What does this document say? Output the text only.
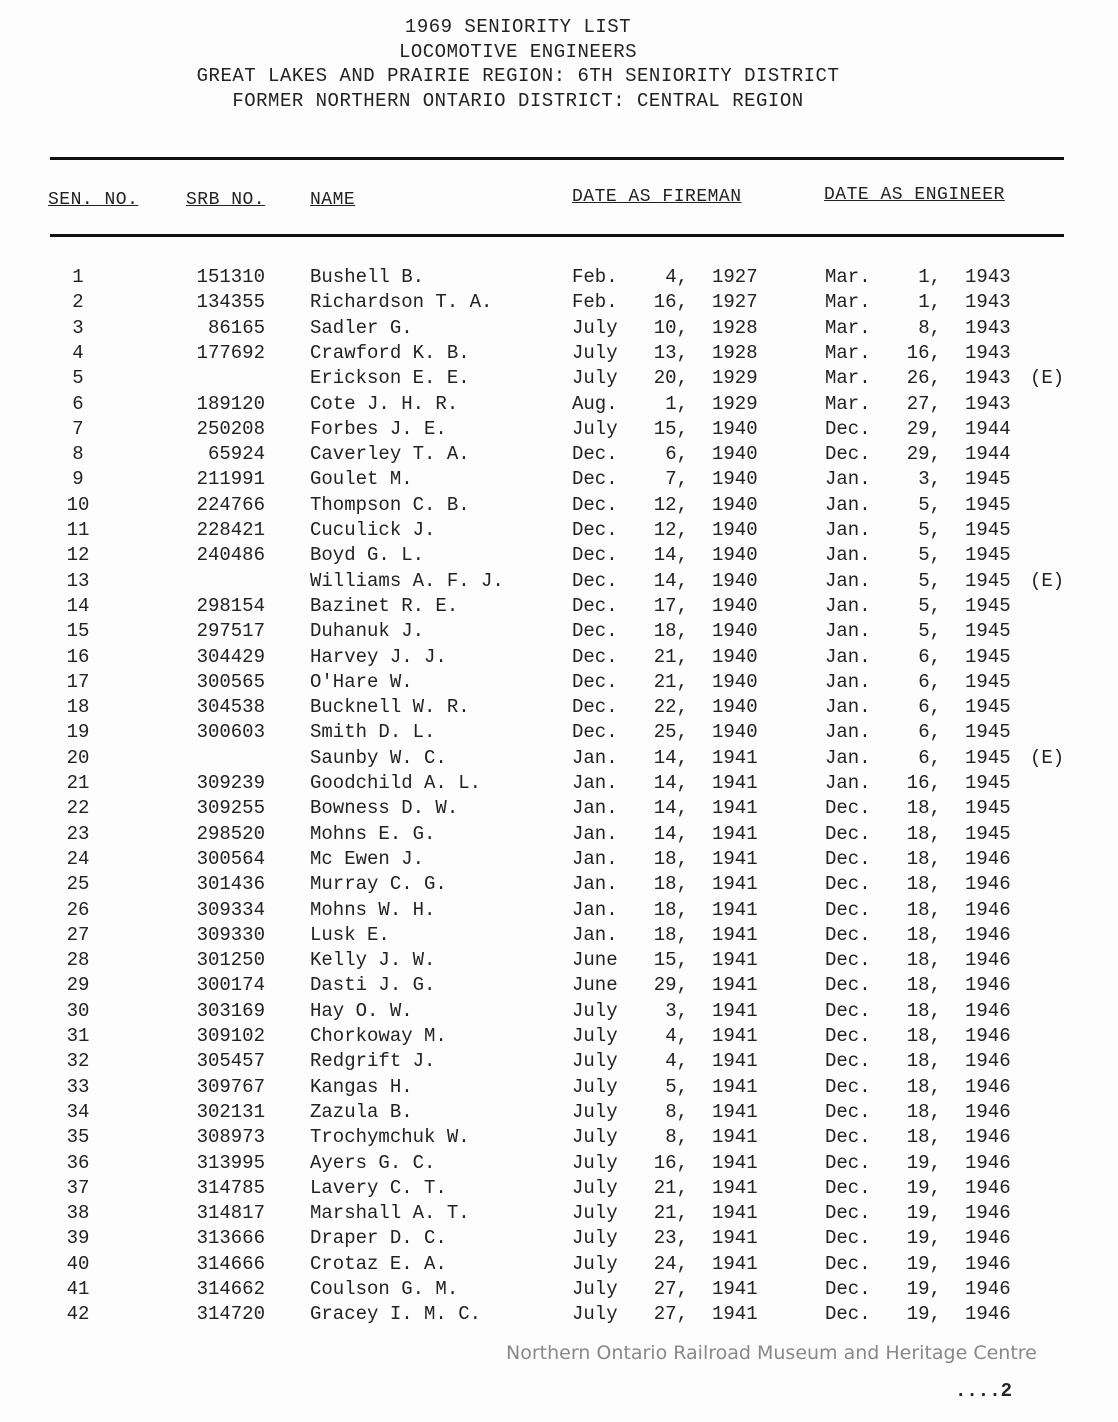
1969 SENIORITY LIST
LOCOMOTIVE ENGINEERS
GREAT LAKES AND PRAIRIE REGION: 6TH SENIORITY DISTRICT
FORMER NORTHERN ONTARIO DISTRICT: CENTRAL REGION
SEN. NO.	SRB NO. NAME	DATE AS FIREMAN	DATE AS ENGINEER
1	151310 Bushell B.	Feb.	4, 1927	Mar.	1, 1943
2	134355 Richardson T. A.	Feb.	16, 1927	Mar.	1, 1943
3	86165 Sadler G.	July	10, 1928	Mar.	8, 1943
4	177692 Crawford K. B.	July	13, 1928	Mar.	16, 1943
5	Erickson E. E.	July	20, 1929	Mar.	26, 1943 (E)
6	189120 Cote J. H. R.	Aug.	1, 1929	Mar.	27, 1943
7	250208 Forbes J. E.	July	15, 1940	Dec.	29, 1944
8	65924 Caverley T. A.	Dec.	6, 1940	Dec.	29, 1944
9	211991 Goulet M.	Dec.	7, 1940	Jan.	3, 1945
10	224766 Thompson C. B.	Dec.	12, 1940	Jan.	5, 1945
11	228421 Cuculick J.	Dec.	12, 1940	Jan.	5, 1945
12	240486 Boyd G. L.	Dec.	14, 1940	Jan.	5, 1945
13	Williams A. F. J.	Dec.	14, 1940	Jan.	5, 1945 (E)
14	298154 Bazinet R. E.	Dec.	17, 1940	Jan.	5, 1945
15	297517 Duhanuk J.	Dec.	18, 1940	Jan.	5, 1945
16	304429 Harvey J. J.	Dec.	21, 1940	Jan.	6, 1945
17	300565 O'Hare W.	Dec.	21, 1940	Jan.	6, 1945
18	304538 Bucknell W. R.	Dec.	22, 1940	Jan.	6, 1945
19	300603 Smith D. L.	Dec.	25, 1940	Jan.	6, 1945
20	Saunby W. C.	Jan.	14, 1941	Jan.	6, 1945 (E)
21	309239 Goodchild A. L.	Jan.	14, 1941	Jan.	16, 1945
22	309255 Bowness D. W.	Jan.	14, 1941	Dec.	18, 1945
23	298520 Mohns E. G.	Jan.	14, 1941	Dec.	18, 1945
24	300564 Mc Ewen J.	Jan.	18, 1941	Dec.	18, 1946
25	301436 Murray C. G.	Jan.	18, 1941	Dec.	18, 1946
26	309334 Mohns W. H.	Jan.	18, 1941	Dec.	18, 1946
27	309330 Lusk E.	Jan.	18, 1941	Dec.	18, 1946
28	301250 Kelly J. W.	June	15, 1941	Dec.	18, 1946
29	300174 Dasti J. G.	June	29, 1941	Dec.	18, 1946
30	303169 Hay O. W.	July	3, 1941	Dec.	18, 1946
31	309102 Chorkoway M.	July	4, 1941	Dec.	18, 1946
32	305457 Redgrift J.	July	4, 1941	Dec.	18, 1946
33	309767 Kangas H.	July	5, 1941	Dec.	18, 1946
34	302131 Zazula B.	July	8, 1941	Dec.	18, 1946
35	308973 Trochymchuk W.	July	8, 1941	Dec.	18, 1946
36	313995 Ayers G. C.	July	16, 1941	Dec.	19, 1946
37	314785 Lavery C. T.	July	21, 1941	Dec.	19, 1946
38	314817 Marshall A. T.	July	21, 1941	Dec.	19, 1946
39	313666 Draper D. C.	July	23, 1941	Dec.	19, 1946
40	314666 Crotaz E. A.	July	24, 1941	Dec.	19, 1946
41	314662 Coulson G. M.	July	27, 1941	Dec.	19, 1946
42	314720 Gracey I. M. C.	July	27, 1941	Dec.	19, 1946
Northern Ontario Railroad Museum and Heritage Centre
....2
